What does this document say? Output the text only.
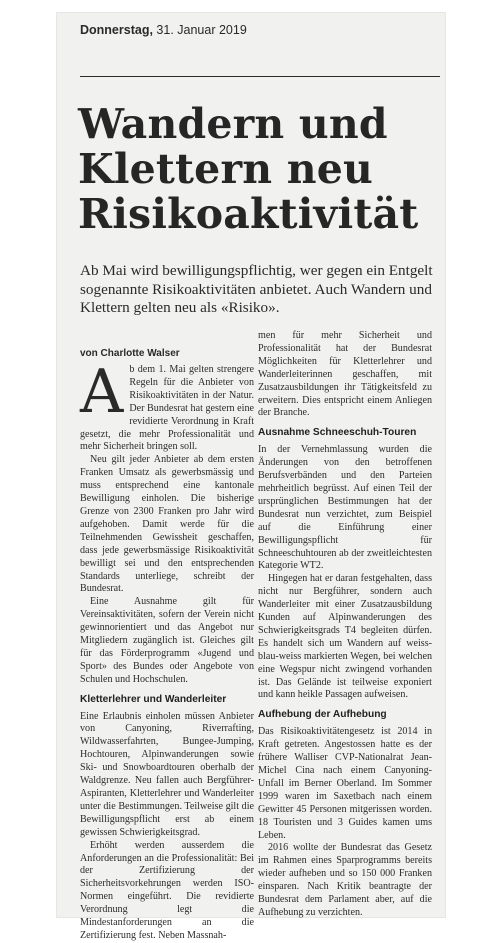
Donnerstag, 31. Januar 2019
Wandern und Klettern neu Risikoaktivität

Ab Mai wird bewilligungspflichtig, wer gegen ein Entgelt sogenannte Risikoaktivitäten anbietet. Auch Wandern und Klettern gelten neu als «Risiko».

von Charlotte Walser

Ab dem 1. Mai gelten strengere Regeln für die Anbieter von Risikoaktivitäten in der Natur. Der Bundesrat hat gestern eine revidierte Verordnung in Kraft gesetzt, die mehr Professionalität und mehr Sicherheit bringen soll.

Neu gilt jeder Anbieter ab dem ersten Franken Umsatz als gewerbsmässig und muss entsprechend eine kantonale Bewilligung einholen. Die bisherige Grenze von 2300 Franken pro Jahr wird aufgehoben. Damit werde für die Teilnehmenden Gewissheit geschaffen, dass jede gewerbsmässige Risikoaktivität bewilligt sei und den entsprechenden Standards unterliege, schreibt der Bundesrat.

Eine Ausnahme gilt für Vereinsaktivitäten, sofern der Verein nicht gewinnorientiert und das Angebot nur Mitgliedern zugänglich ist. Gleiches gilt für das Förderprogramm «Jugend und Sport» des Bundes oder Angebote von Schulen und Hochschulen.

Kletterlehrer und Wanderleiter

Eine Erlaubnis einholen müssen Anbieter von Canyoning, Riverrafting, Wildwasserfahrten, Bungee-Jumping, Hochtouren, Alpinwanderungen sowie Ski- und Snowboardtouren oberhalb der Waldgrenze. Neu fallen auch Bergführer-Aspiranten, Kletterlehrer und Wanderleiter unter die Bestimmungen. Teilweise gilt die Bewilligungspflicht erst ab einem gewissen Schwierigkeitsgrad.

Erhöht werden ausserdem die Anforderungen an die Professionalität: Bei der Zertifizierung der Sicherheitsvorkehrungen werden ISO-Normen eingeführt. Die revidierte Verordnung legt die Mindestanforderungen an die Zertifizierung fest. Neben Massnah-

men für mehr Sicherheit und Professionalität hat der Bundesrat Möglichkeiten für Kletterlehrer und Wanderleiterinnen geschaffen, mit Zusatzausbildungen ihr Tätigkeitsfeld zu erweitern. Dies entspricht einem Anliegen der Branche.

Ausnahme Schneeschuh-Touren

In der Vernehmlassung wurden die Änderungen von den betroffenen Berufsverbänden und den Parteien mehrheitlich begrüsst. Auf einen Teil der ursprünglichen Bestimmungen hat der Bundesrat nun verzichtet, zum Beispiel auf die Einführung einer Bewilligungspflicht für Schneeschuhtouren ab der zweitleichtesten Kategorie WT2.

Hingegen hat er daran festgehalten, dass nicht nur Bergführer, sondern auch Wanderleiter mit einer Zusatzausbildung Kunden auf Alpinwanderungen des Schwierigkeitsgrads T4 begleiten dürfen. Es handelt sich um Wandern auf weiss-blau-weiss markierten Wegen, bei welchen eine Wegspur nicht zwingend vorhanden ist. Das Gelände ist teilweise exponiert und kann heikle Passagen aufweisen.

Aufhebung der Aufhebung

Das Risikoaktivitätengesetz ist 2014 in Kraft getreten. Angestossen hatte es der frühere Walliser CVP-Nationalrat Jean-Michel Cina nach einem Canyoning-Unfall im Berner Oberland. Im Sommer 1999 waren im Saxetbach nach einem Gewitter 45 Personen mitgerissen worden. 18 Touristen und 3 Guides kamen ums Leben.

2016 wollte der Bundesrat das Gesetz im Rahmen eines Sparprogramms bereits wieder aufheben und so 150 000 Franken einsparen. Nach Kritik beantragte der Bundesrat dem Parlament aber, auf die Aufhebung zu verzichten.
